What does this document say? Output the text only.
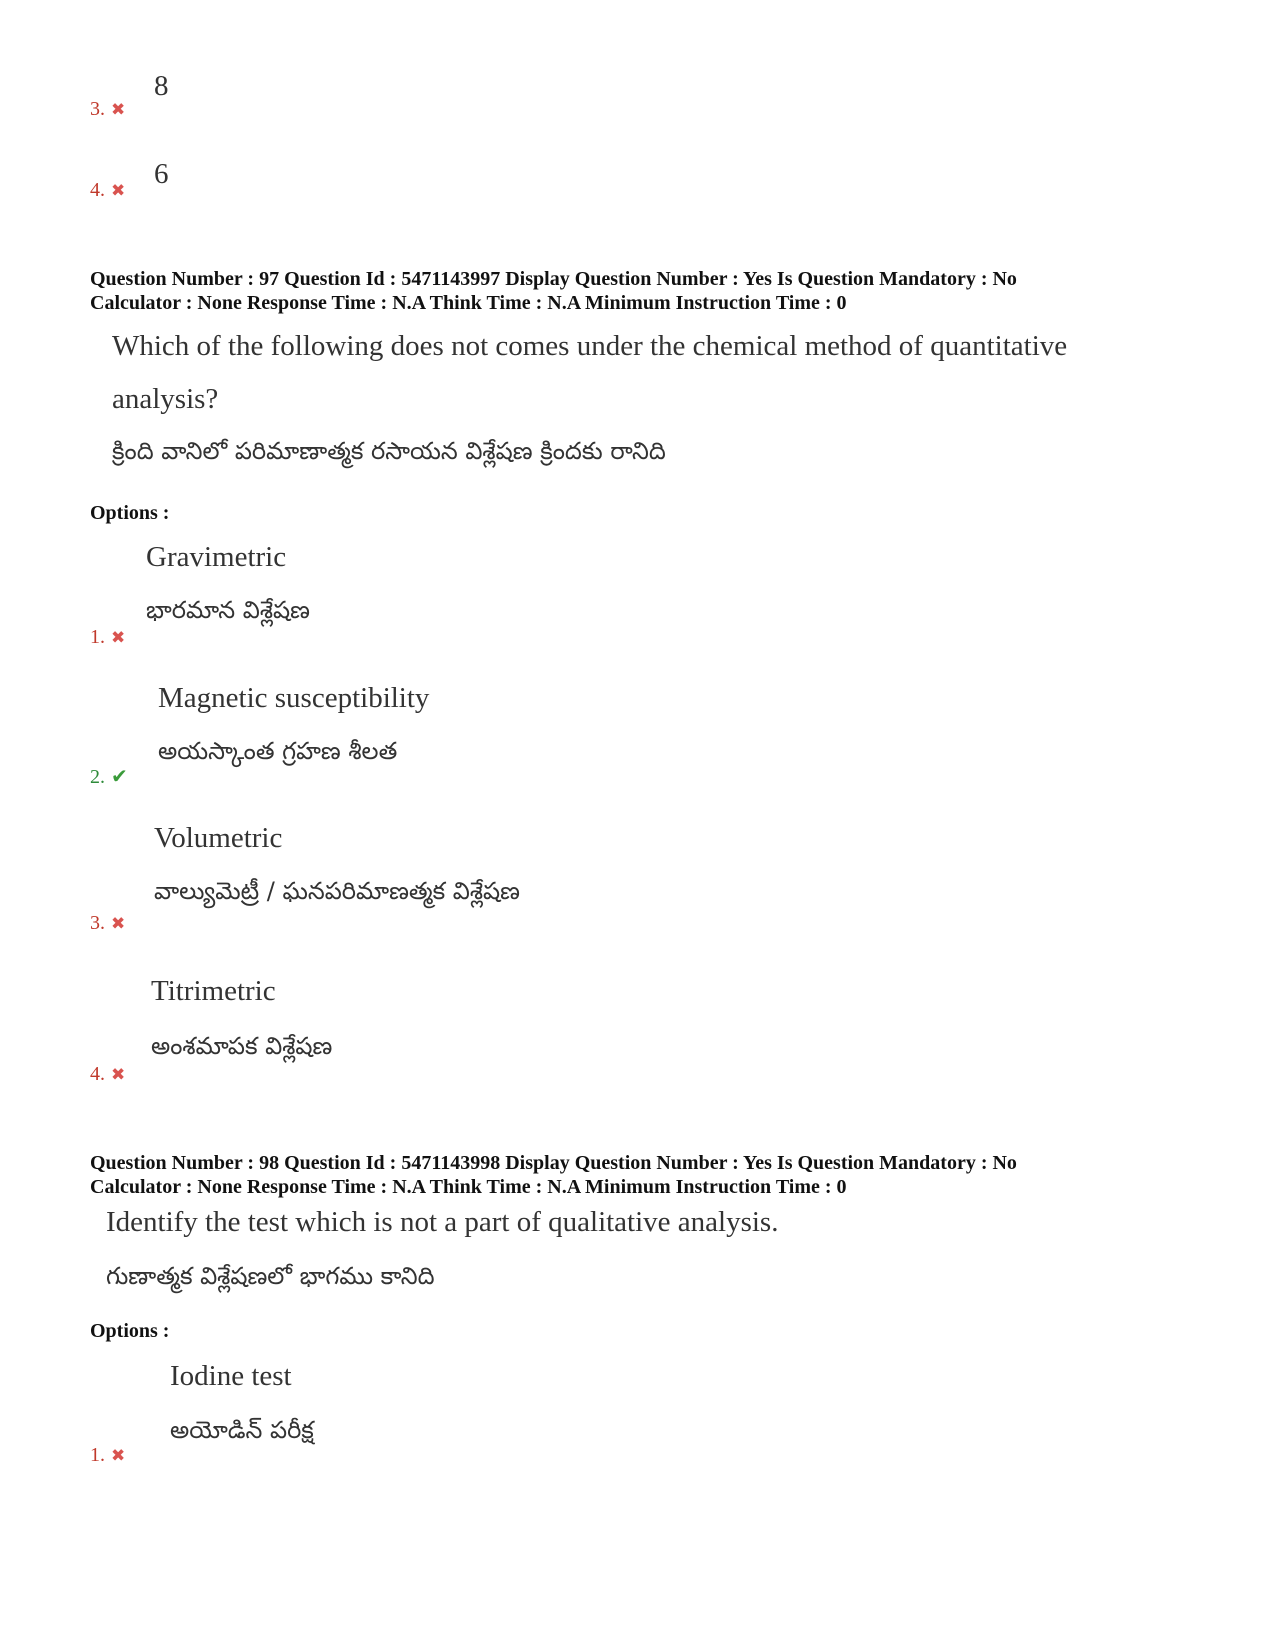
8
3. ✖
6
4. ✖
Question Number : 97 Question Id : 5471143997 Display Question Number : Yes Is Question Mandatory : No
Calculator : None Response Time : N.A Think Time : N.A Minimum Instruction Time : 0
Which of the following does not comes under the chemical method of quantitative
analysis?
క్రింది వానిలో పరిమాణాత్మక రసాయన విశ్లేషణ క్రిందకు రానిది
Options :
Gravimetric
భారమాన విశ్లేషణ
1. ✖
Magnetic susceptibility
అయస్కాంత గ్రహణ శీలత
2. ✔
Volumetric
వాల్యుమెట్రీ / ఘనపరిమాణత్మక విశ్లేషణ
3. ✖
Titrimetric
అంశమాపక విశ్లేషణ
4. ✖
Question Number : 98 Question Id : 5471143998 Display Question Number : Yes Is Question Mandatory : No
Calculator : None Response Time : N.A Think Time : N.A Minimum Instruction Time : 0
Identify the test which is not a part of qualitative analysis.
గుణాత్మక విశ్లేషణలో భాగము కానిది
Options :
Iodine test
అయోడిన్ పరీక్ష
1. ✖
